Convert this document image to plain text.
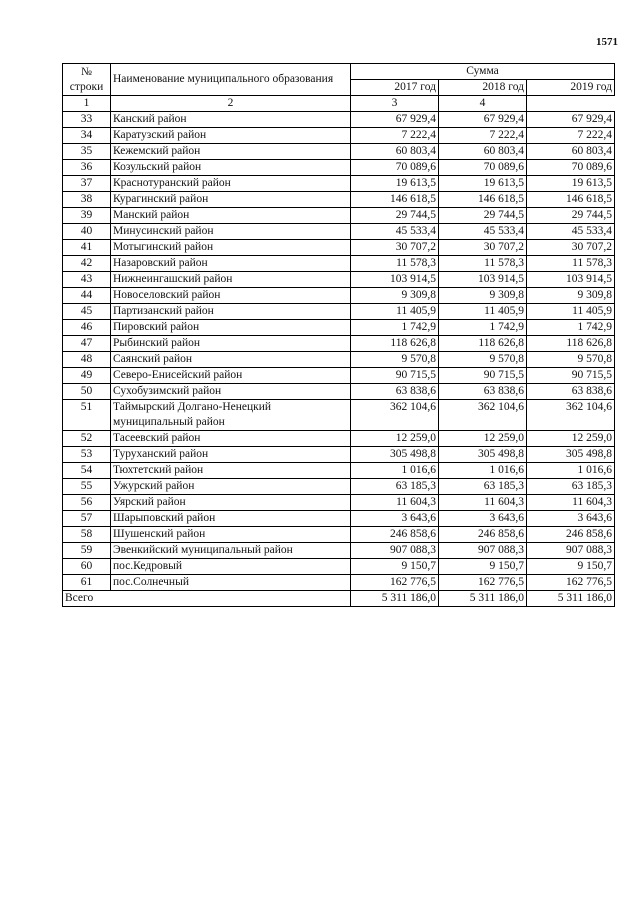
1571
№ строки	Наименование муниципального образования	Сумма		
		2017 год	2018 год	2019 год
1	2	3	4	
33	Канский район	67 929,4	67 929,4	67 929,4
34	Каратузский район	7 222,4	7 222,4	7 222,4
35	Кежемский район	60 803,4	60 803,4	60 803,4
36	Козульский район	70 089,6	70 089,6	70 089,6
37	Краснотуранский район	19 613,5	19 613,5	19 613,5
38	Курагинский район	146 618,5	146 618,5	146 618,5
39	Манский район	29 744,5	29 744,5	29 744,5
40	Минусинский район	45 533,4	45 533,4	45 533,4
41	Мотыгинский район	30 707,2	30 707,2	30 707,2
42	Назаровский район	11 578,3	11 578,3	11 578,3
43	Нижнеингашский район	103 914,5	103 914,5	103 914,5
44	Новоселовский район	9 309,8	9 309,8	9 309,8
45	Партизанский район	11 405,9	11 405,9	11 405,9
46	Пировский район	1 742,9	1 742,9	1 742,9
47	Рыбинский район	118 626,8	118 626,8	118 626,8
48	Саянский район	9 570,8	9 570,8	9 570,8
49	Северо-Енисейский район	90 715,5	90 715,5	90 715,5
50	Сухобузимский район	63 838,6	63 838,6	63 838,6
51	Таймырский Долгано-Ненецкий муниципальный район	362 104,6	362 104,6	362 104,6
52	Тасеевский район	12 259,0	12 259,0	12 259,0
53	Туруханский район	305 498,8	305 498,8	305 498,8
54	Тюхтетский район	1 016,6	1 016,6	1 016,6
55	Ужурский район	63 185,3	63 185,3	63 185,3
56	Уярский район	11 604,3	11 604,3	11 604,3
57	Шарыповский район	3 643,6	3 643,6	3 643,6
58	Шушенский район	246 858,6	246 858,6	246 858,6
59	Эвенкийский муниципальный район	907 088,3	907 088,3	907 088,3
60	пос.Кедровый	9 150,7	9 150,7	9 150,7
61	пос.Солнечный	162 776,5	162 776,5	162 776,5
Всего		5 311 186,0	5 311 186,0	5 311 186,0
